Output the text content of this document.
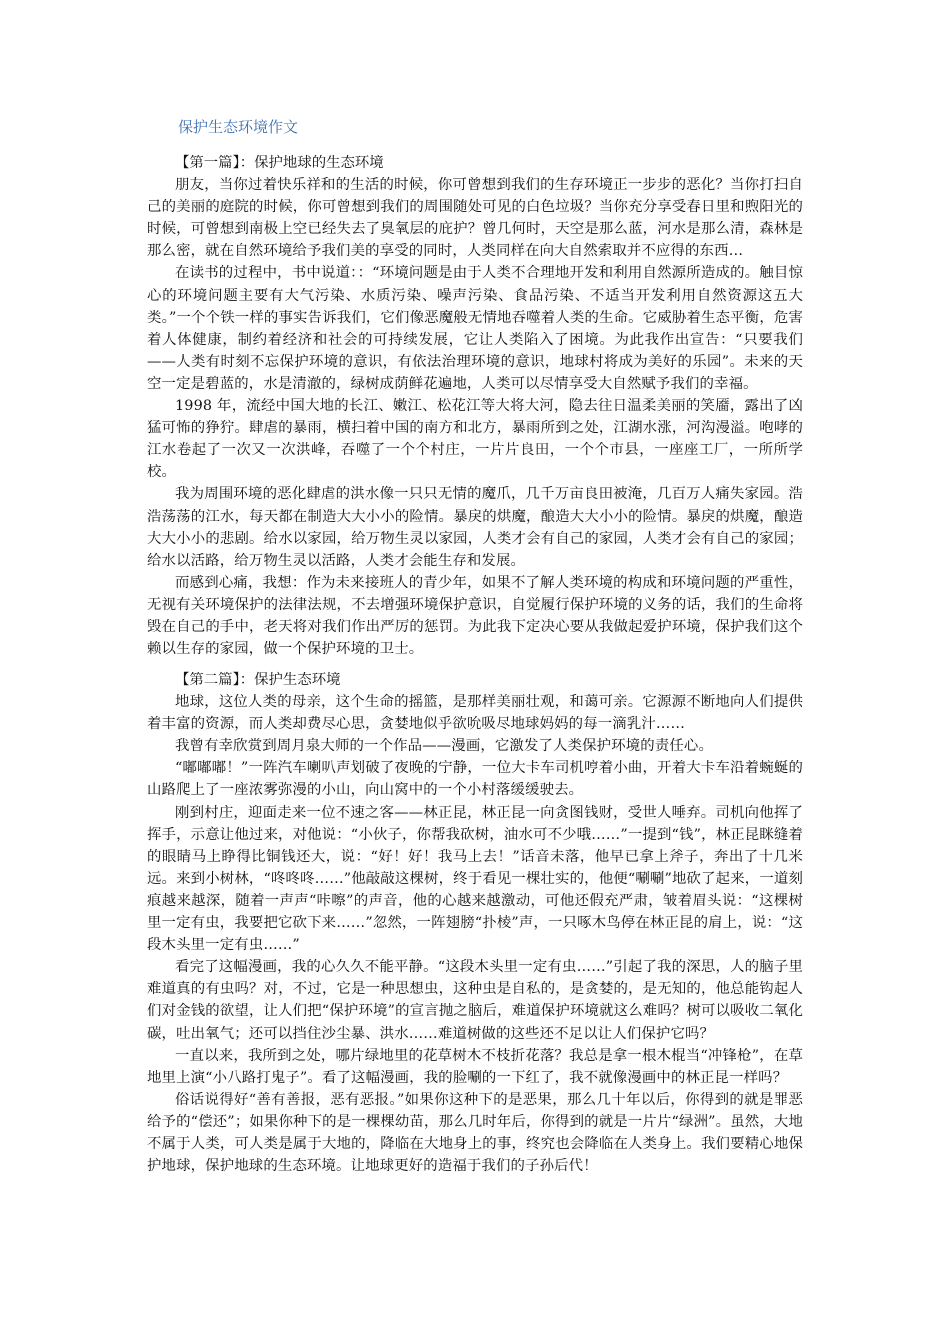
保护生态环境作文

【第一篇】：保护地球的生态环境

朋友，当你过着快乐祥和的生活的时候，你可曾想到我们的生存环境正一步步的恶化？当你打扫自己的美丽的庭院的时候，你可曾想到我们的周围随处可见的白色垃圾？当你充分享受春日里和煦阳光的时候，可曾想到南极上空已经失去了臭氧层的庇护？曾几何时，天空是那么蓝，河水是那么清，森林是那么密，就在自然环境给予我们美的享受的同时，人类同样在向大自然索取并不应得的东西…

在读书的过程中，书中说道：：“环境问题是由于人类不合理地开发和利用自然源所造成的。触目惊心的环境问题主要有大气污染、水质污染、噪声污染、食品污染、不适当开发利用自然资源这五大类。”一个个铁一样的事实告诉我们，它们像恶魔般无情地吞噬着人类的生命。它威胁着生态平衡，危害着人体健康，制约着经济和社会的可持续发展，它让人类陷入了困境。为此我作出宣告：“只要我们——人类有时刻不忘保护环境的意识，有依法治理环境的意识，地球村将成为美好的乐园”。未来的天空一定是碧蓝的，水是清澈的，绿树成荫鲜花遍地，人类可以尽情享受大自然赋予我们的幸福。

1998 年，流经中国大地的长江、嫩江、松花江等大将大河，隐去往日温柔美丽的笑靥，露出了凶猛可怖的狰狞。肆虐的暴雨，横扫着中国的南方和北方，暴雨所到之处，江湖水涨，河沟漫溢。咆哮的江水卷起了一次又一次洪峰，吞噬了一个个村庄，一片片良田，一个个市县，一座座工厂，一所所学校。

我为周围环境的恶化肆虐的洪水像一只只无情的魔爪，几千万亩良田被淹，几百万人痛失家园。浩浩荡荡的江水，每天都在制造大大小小的险情。暴戾的烘魔，酿造大大小小的险情。暴戾的烘魔，酿造大大小小的悲剧。给水以家园，给万物生灵以家园，人类才会有自己的家园，人类才会有自己的家园；给水以活路，给万物生灵以活路，人类才会能生存和发展。

而感到心痛，我想：作为未来接班人的青少年，如果不了解人类环境的构成和环境问题的严重性，无视有关环境保护的法律法规，不去增强环境保护意识，自觉履行保护环境的义务的话，我们的生命将毁在自己的手中，老天将对我们作出严厉的惩罚。为此我下定决心要从我做起爱护环境，保护我们这个赖以生存的家园，做一个保护环境的卫士。

【第二篇】：保护生态环境

地球，这位人类的母亲，这个生命的摇篮，是那样美丽壮观，和蔼可亲。它源源不断地向人们提供着丰富的资源，而人类却费尽心思，贪婪地似乎欲吮吸尽地球妈妈的每一滴乳汁……

我曾有幸欣赏到周月泉大师的一个作品——漫画，它激发了人类保护环境的责任心。

“嘟嘟嘟！”一阵汽车喇叭声划破了夜晚的宁静，一位大卡车司机哼着小曲，开着大卡车沿着蜿蜒的山路爬上了一座浓雾弥漫的小山，向山窝中的一个小村落缓缓驶去。

刚到村庄，迎面走来一位不速之客——林正昆，林正昆一向贪图钱财，受世人唾弃。司机向他挥了挥手，示意让他过来，对他说：“小伙子，你帮我砍树，油水可不少哦……”一提到“钱”，林正昆眯缝着的眼睛马上睁得比铜钱还大，说：“好！好！我马上去！”话音未落，他早已拿上斧子，奔出了十几米远。来到小树林，“咚咚咚……”他敲敲这棵树，终于看见一棵壮实的，他便“唰唰”地砍了起来，一道刻痕越来越深，随着一声声“咔嚓”的声音，他的心越来越激动，可他还假充严肃，皱着眉头说：“这棵树里一定有虫，我要把它砍下来……”忽然，一阵翅膀“扑棱”声，一只啄木鸟停在林正昆的肩上，说：“这段木头里一定有虫……”

看完了这幅漫画，我的心久久不能平静。“这段木头里一定有虫……”引起了我的深思，人的脑子里难道真的有虫吗？对，不过，它是一种思想虫，这种虫是自私的，是贪婪的，是无知的，他总能钩起人们对金钱的欲望，让人们把“保护环境”的宣言抛之脑后，难道保护环境就这么难吗？树可以吸收二氧化碳，吐出氧气；还可以挡住沙尘暴、洪水……难道树做的这些还不足以让人们保护它吗？

一直以来，我所到之处，哪片绿地里的花草树木不枝折花落？我总是拿一根木棍当“冲锋枪”，在草地里上演“小八路打鬼子”。看了这幅漫画，我的脸唰的一下红了，我不就像漫画中的林正昆一样吗？

俗话说得好“善有善报，恶有恶报。”如果你这种下的是恶果，那么几十年以后，你得到的就是罪恶给予的“偿还”；如果你种下的是一棵棵幼苗，那么几时年后，你得到的就是一片片“绿洲”。虽然，大地不属于人类，可人类是属于大地的，降临在大地身上的事，终究也会降临在人类身上。我们要精心地保护地球，保护地球的生态环境。让地球更好的造福于我们的子孙后代！
